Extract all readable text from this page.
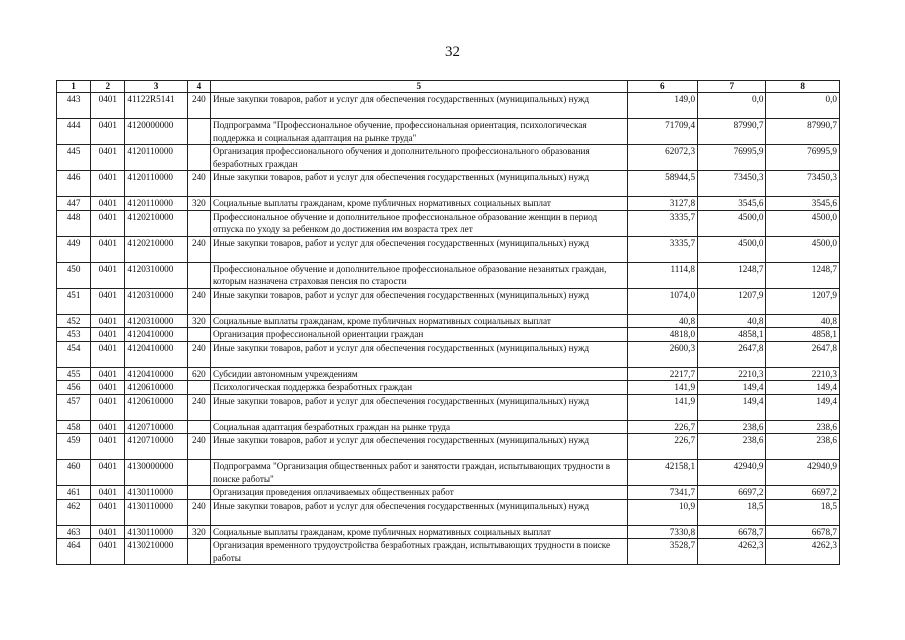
32
1	2	3	4	5	6	7	8
443	0401	41122R5141	240	Иные закупки товаров, работ и услуг для обеспечения государственных (муниципальных) нужд	149,0	0,0	0,0
444	0401	4120000000		Подпрограмма "Профессиональное обучение, профессиональная ориентация, психологическая поддержка и социальная адаптация на рынке труда"	71709,4	87990,7	87990,7
445	0401	4120110000		Организация профессионального обучения и дополнительного профессионального образования безработных граждан	62072,3	76995,9	76995,9
446	0401	4120110000	240	Иные закупки товаров, работ и услуг для обеспечения государственных (муниципальных) нужд	58944,5	73450,3	73450,3
447	0401	4120110000	320	Социальные выплаты гражданам, кроме публичных нормативных социальных выплат	3127,8	3545,6	3545,6
448	0401	4120210000		Профессиональное обучение и дополнительное профессиональное образование женщин в период отпуска по уходу за ребенком до достижения им возраста трех лет	3335,7	4500,0	4500,0
449	0401	4120210000	240	Иные закупки товаров, работ и услуг для обеспечения государственных (муниципальных) нужд	3335,7	4500,0	4500,0
450	0401	4120310000		Профессиональное обучение и дополнительное профессиональное образование незанятых граждан, которым назначена страховая пенсия по старости	1114,8	1248,7	1248,7
451	0401	4120310000	240	Иные закупки товаров, работ и услуг для обеспечения государственных (муниципальных) нужд	1074,0	1207,9	1207,9
452	0401	4120310000	320	Социальные выплаты гражданам, кроме публичных нормативных социальных выплат	40,8	40,8	40,8
453	0401	4120410000		Организация профессиональной ориентации граждан	4818,0	4858,1	4858,1
454	0401	4120410000	240	Иные закупки товаров, работ и услуг для обеспечения государственных (муниципальных) нужд	2600,3	2647,8	2647,8
455	0401	4120410000	620	Субсидии автономным учреждениям	2217,7	2210,3	2210,3
456	0401	4120610000		Психологическая поддержка безработных граждан	141,9	149,4	149,4
457	0401	4120610000	240	Иные закупки товаров, работ и услуг для обеспечения государственных (муниципальных) нужд	141,9	149,4	149,4
458	0401	4120710000		Социальная адаптация безработных граждан на рынке труда	226,7	238,6	238,6
459	0401	4120710000	240	Иные закупки товаров, работ и услуг для обеспечения государственных (муниципальных) нужд	226,7	238,6	238,6
460	0401	4130000000		Подпрограмма "Организация общественных работ и занятости граждан, испытывающих трудности в поиске работы"	42158,1	42940,9	42940,9
461	0401	4130110000		Организация проведения оплачиваемых общественных работ	7341,7	6697,2	6697,2
462	0401	4130110000	240	Иные закупки товаров, работ и услуг для обеспечения государственных (муниципальных) нужд	10,9	18,5	18,5
463	0401	4130110000	320	Социальные выплаты гражданам, кроме публичных нормативных социальных выплат	7330,8	6678,7	6678,7
464	0401	4130210000		Организация временного трудоустройства безработных граждан, испытывающих трудности в поиске работы	3528,7	4262,3	4262,3
